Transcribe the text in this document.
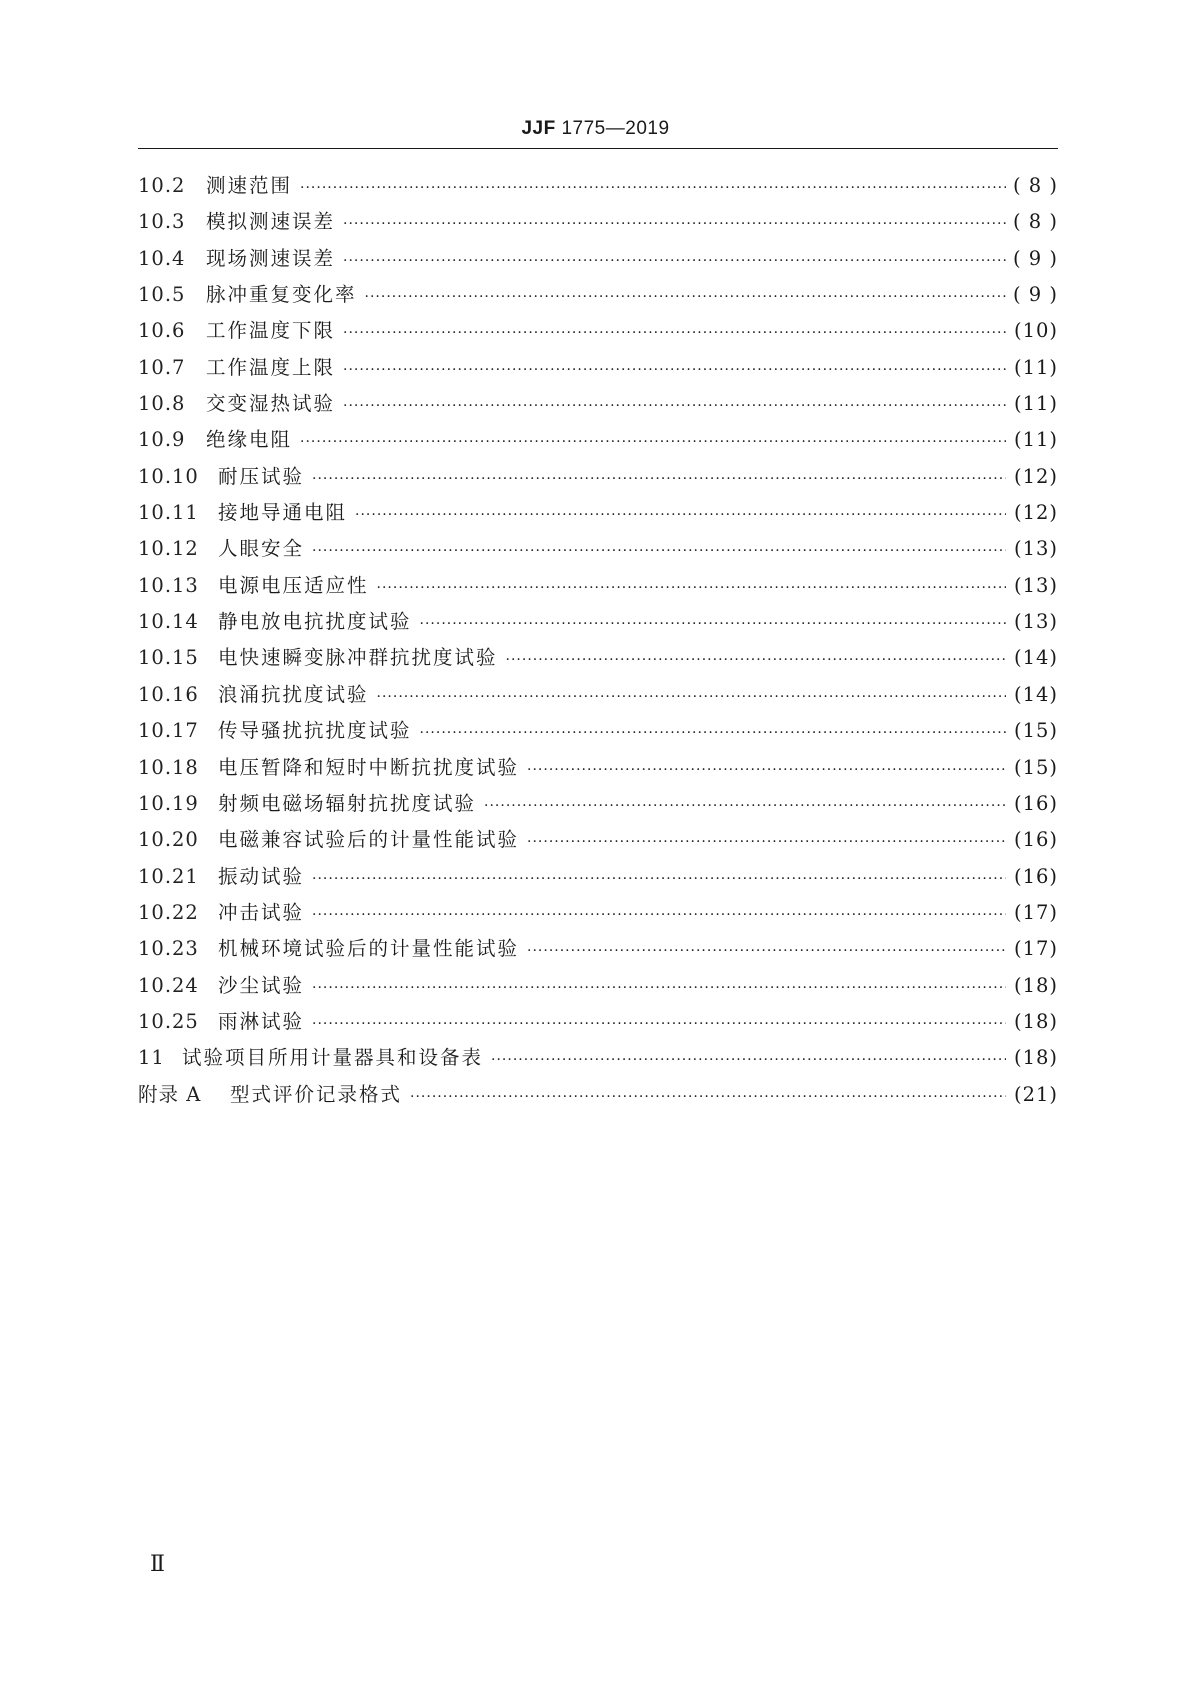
JJF 1775—2019
10.2	测速范围 ·····	( 8 )
10.3	模拟测速误差 ·····	( 8 )
10.4	现场测速误差 ·····	( 9 )
10.5	脉冲重复变化率 ·····	( 9 )
10.6	工作温度下限 ·····	(10)
10.7	工作温度上限 ·····	(11)
10.8	交变湿热试验 ·····	(11)
10.9	绝缘电阻 ·····	(11)
10.10 耐压试验 ·····	(12)
10.11 接地导通电阻 ·····	(12)
10.12 人眼安全 ·····	(13)
10.13 电源电压适应性 ·····	(13)
10.14 静电放电抗扰度试验 ·····	(13)
10.15 电快速瞬变脉冲群抗扰度试验 ·····	(14)
10.16 浪涌抗扰度试验 ·····	(14)
10.17 传导骚扰抗扰度试验 ·····	(15)
10.18 电压暂降和短时中断抗扰度试验 ·····	(15)
10.19 射频电磁场辐射抗扰度试验 ·····	(16)
10.20 电磁兼容试验后的计量性能试验 ·····	(16)
10.21 振动试验 ·····	(16)
10.22 冲击试验 ·····	(17)
10.23 机械环境试验后的计量性能试验 ·····	(17)
10.24 沙尘试验 ·····	(18)
10.25 雨淋试验 ·····	(18)
11 试验项目所用计量器具和设备表 ·····	(18)
附录 A	型式评价记录格式 ·····	(21)
Ⅱ
